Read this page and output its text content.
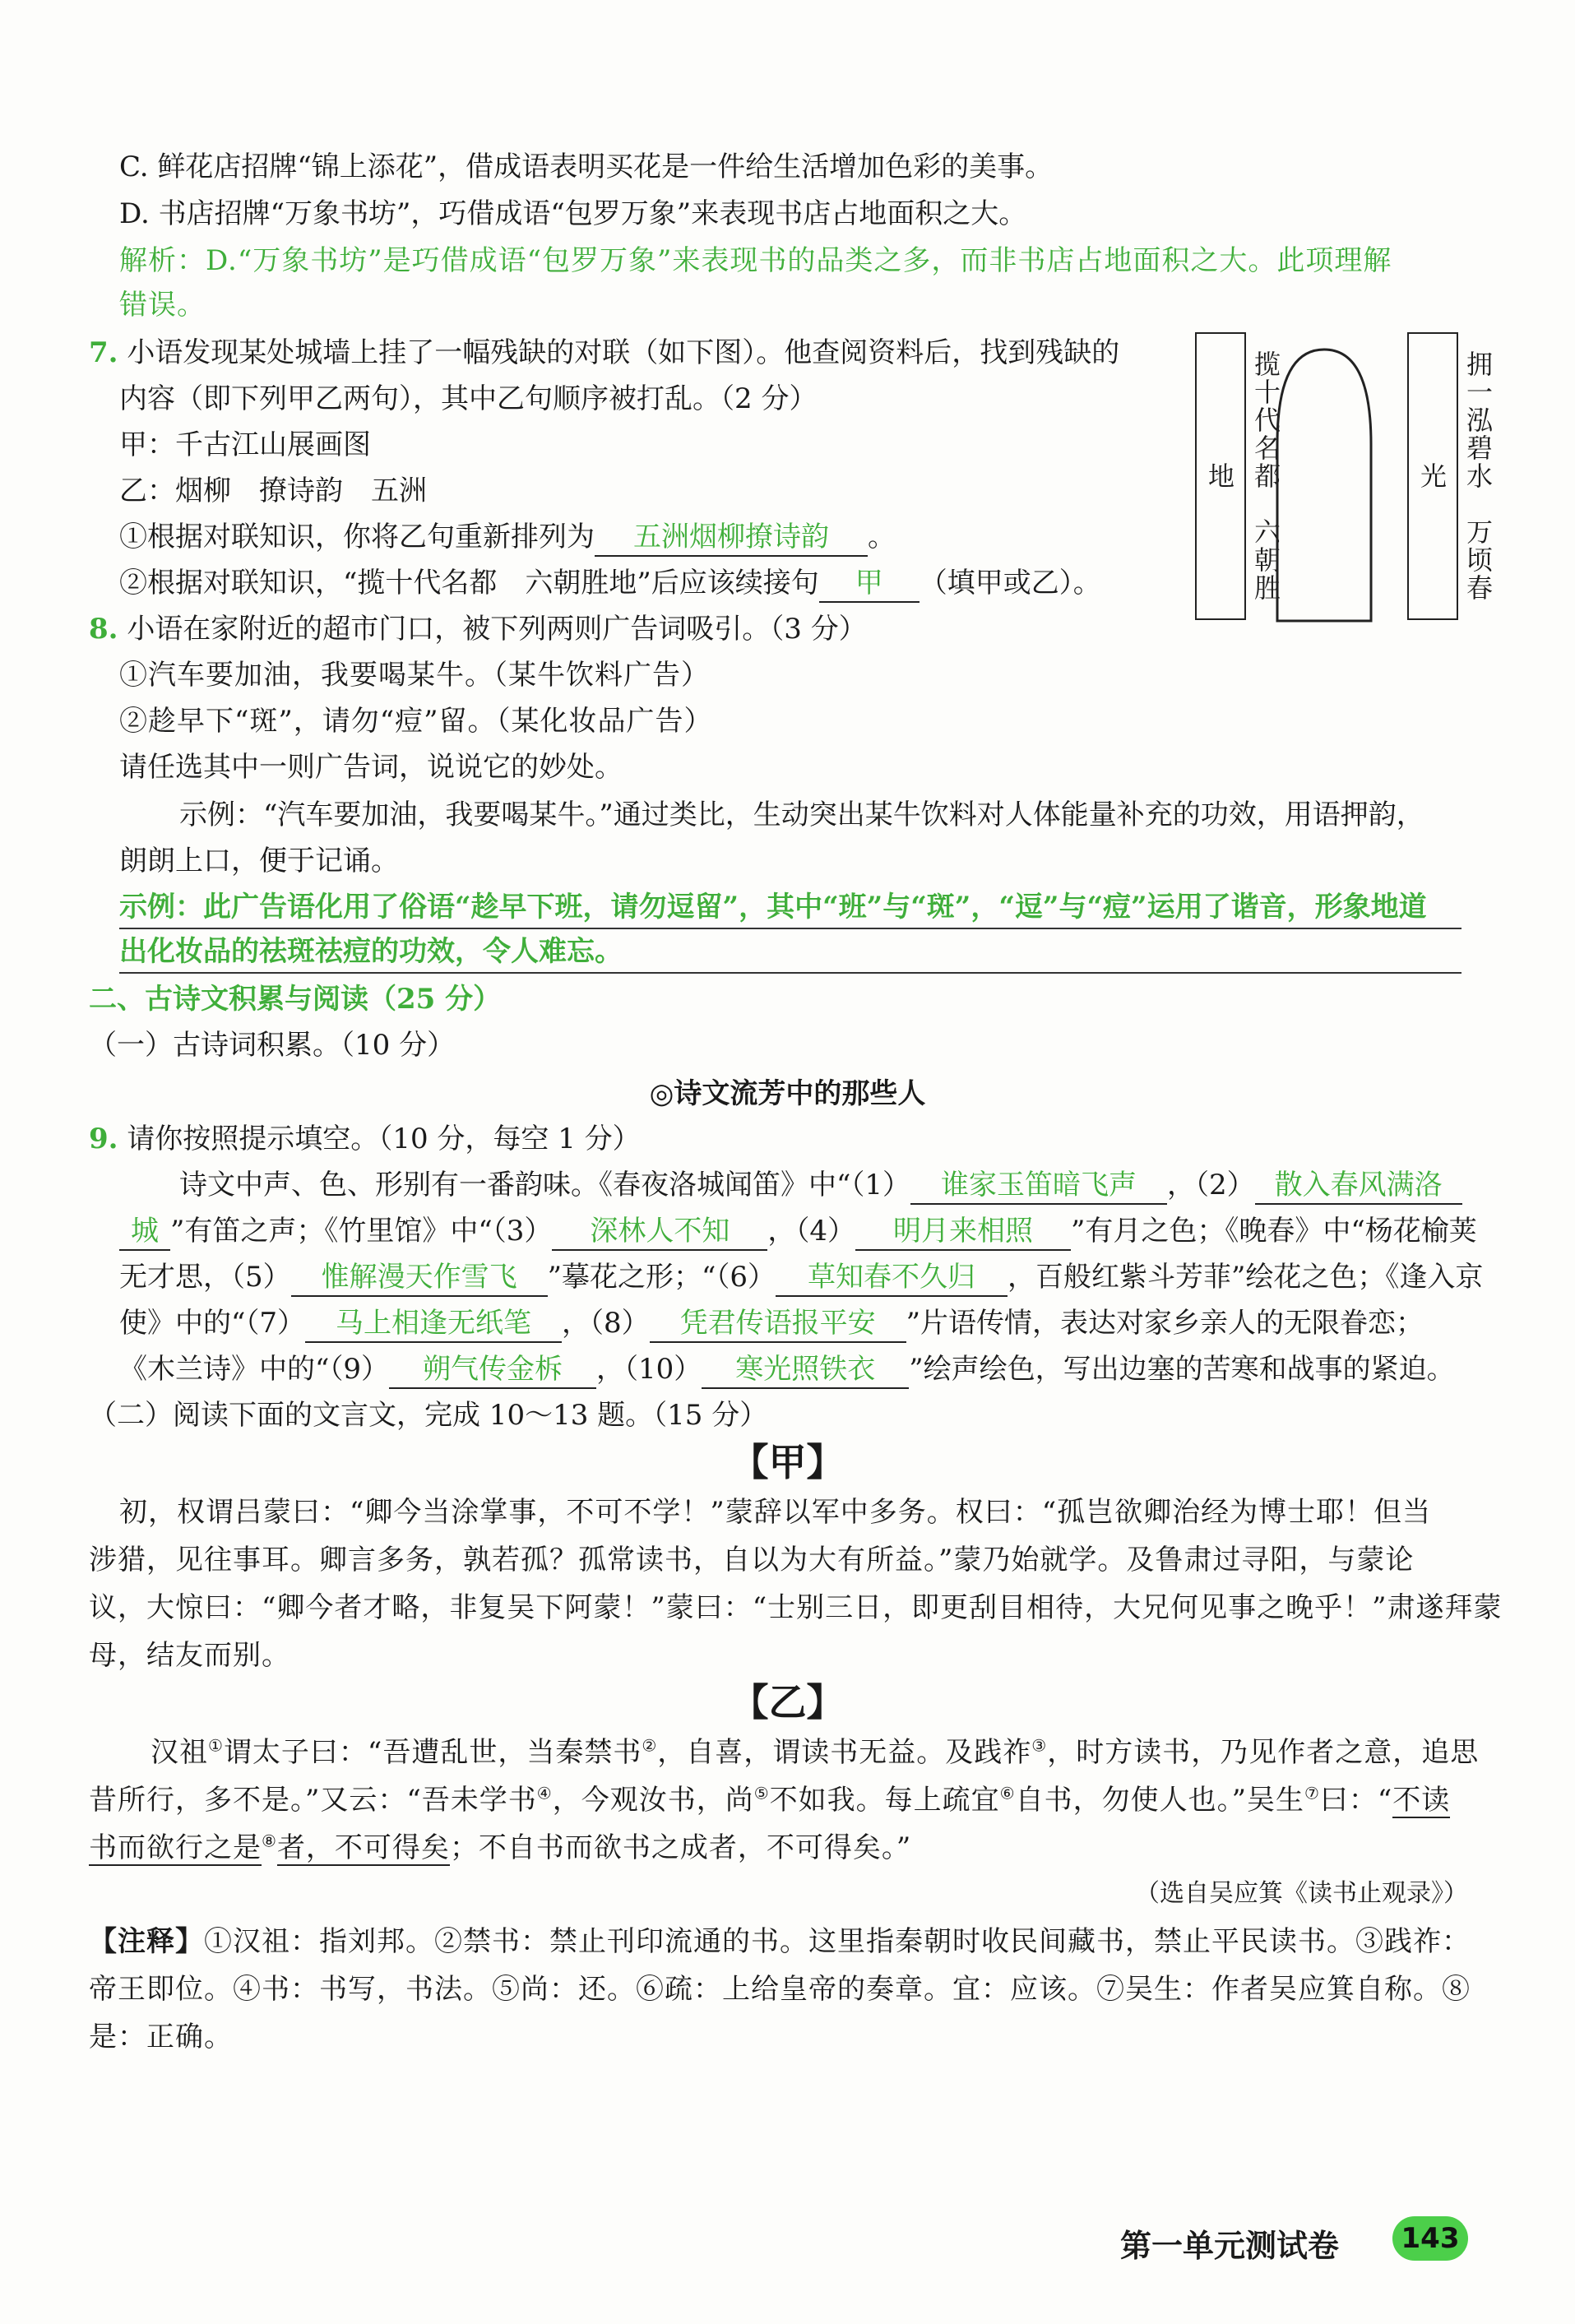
C. 鲜花店招牌“锦上添花”，借成语表明买花是一件给生活增加色彩的美事。
D. 书店招牌“万象书坊”，巧借成语“包罗万象”来表现书店占地面积之大。
解析：D.“万象书坊”是巧借成语“包罗万象”来表现书的品类之多，而非书店占地面积之大。此项理解
错误。
7. 小语发现某处城墙上挂了一幅残缺的对联（如下图）。他查阅资料后，找到残缺的
内容（即下列甲乙两句），其中乙句顺序被打乱。（2 分）
甲：千古江山展画图
乙：烟柳　撩诗韵　五洲
①根据对联知识，你将乙句重新排列为 五洲烟柳撩诗韵 。
②根据对联知识，“揽十代名都　六朝胜地”后应该续接句 甲 （填甲或乙）。	揽十代名都　六朝胜地	拥一泓碧水　万顷春光
8. 小语在家附近的超市门口，被下列两则广告词吸引。（3 分）
①汽车要加油，我要喝某牛。（某牛饮料广告）
②趁早下“斑”，请勿“痘”留。（某化妆品广告）
请任选其中一则广告词，说说它的妙处。
示例：“汽车要加油，我要喝某牛。”通过类比，生动突出某牛饮料对人体能量补充的功效，用语押韵，
朗朗上口，便于记诵。
示例：此广告语化用了俗语“趁早下班，请勿逗留”，其中“班”与“斑”，“逗”与“痘”运用了谐音，形象地道
出化妆品的祛斑祛痘的功效，令人难忘。
二、古诗文积累与阅读（25 分）
（一）古诗词积累。（10 分）
◎诗文流芳中的那些人
9. 请你按照提示填空。（10 分，每空 1 分）
诗文中声、色、形别有一番韵味。《春夜洛城闻笛》中“（1） 谁家玉笛暗飞声 ，（2） 散入春风满洛
城 ”有笛之声；《竹里馆》中“（3） 深林人不知 ，（4） 明月来相照 ”有月之色；《晚春》中“杨花榆荚
无才思，（5） 惟解漫天作雪飞 ”摹花之形；“（6） 草知春不久归 ，百般红紫斗芳菲”绘花之色；《逢入京
使》中的“（7） 马上相逢无纸笔 ，（8） 凭君传语报平安 ”片语传情，表达对家乡亲人的无限眷恋；
《木兰诗》中的“（9） 朔气传金柝 ，（10） 寒光照铁衣 ”绘声绘色，写出边塞的苦寒和战事的紧迫。
（二）阅读下面的文言文，完成 10～13 题。（15 分）
【甲】
初，权谓吕蒙曰：“卿今当涂掌事，不可不学！”蒙辞以军中多务。权曰：“孤岂欲卿治经为博士耶！但当
涉猎，见往事耳。卿言多务，孰若孤？孤常读书，自以为大有所益。”蒙乃始就学。及鲁肃过寻阳，与蒙论
议，大惊曰：“卿今者才略，非复吴下阿蒙！”蒙曰：“士别三日，即更刮目相待，大兄何见事之晚乎！”肃遂拜蒙
母，结友而别。
【乙】
汉祖①谓太子曰：“吾遭乱世，当秦禁书②，自喜，谓读书无益。及践祚③，时方读书，乃见作者之意，追思
昔所行，多不是。”又云：“吾未学书④，今观汝书，尚⑤不如我。每上疏宜⑥自书，勿使人也。”吴生⑦曰：“不读
书而欲行之是⑧者，不可得矣；不自书而欲书之成者，不可得矣。”
（选自吴应箕《读书止观录》）
【注释】①汉祖：指刘邦。②禁书：禁止刊印流通的书。这里指秦朝时收民间藏书，禁止平民读书。③践祚：
帝王即位。④书：书写，书法。⑤尚：还。⑥疏：上给皇帝的奏章。宜：应该。⑦吴生：作者吴应箕自称。⑧
是：正确。
第一单元测试卷	143
